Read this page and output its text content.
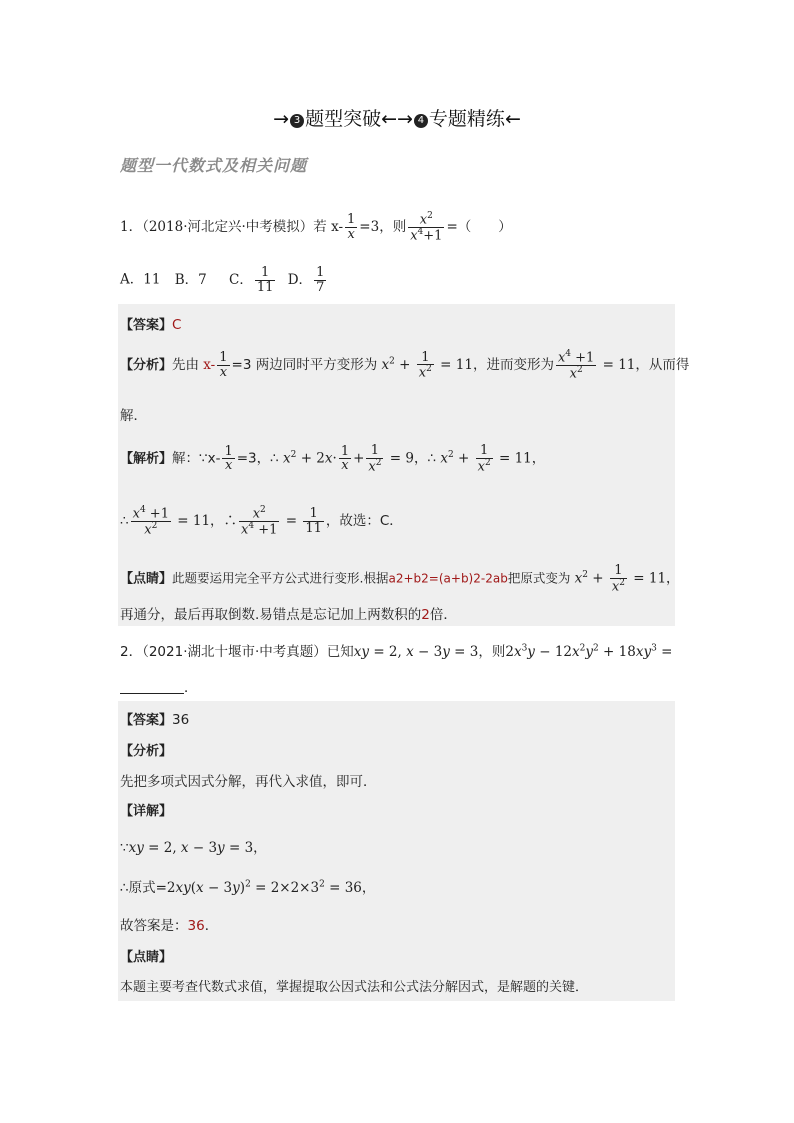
→ 3 题型突破←→ 4 专题精练←
题型一代数式及相关问题
1．（2018·河北定兴·中考模拟）若 $x- \frac{1}{x} =3$，则 $\frac{x^2}{x^4+1}$ =（　　）
A．11 B．7 C． $\frac{1}{11}$ D． $\frac{1}{7}$
【答案】C
【分析】先由 $x- \frac{1}{x} =3$ 两边同时平方变形为 $x^2 + \frac{1}{x^2} = 11$，进而变形为 $\frac{x^4 +1}{x^2} = 11$，从而得
解．
【解析】解：∵x- $\frac{1}{x} =3$，∴ $x^2 + 2x\cdot \frac{1}{x} + \frac{1}{x^2} = 9$，∴ $x^2 + \frac{1}{x^2} = 11$，
∴ $\frac{x^4 +1}{x^2} = 11$，∴ $\frac{x^2}{x^4 +1} = \frac{1}{11}$ ，故选：C．
【点睛】此题要运用完全平方公式进行变形.根据a2+b2=(a+b)2-2ab把原式变为 $x^2 + \frac{1}{x^2} = 11$，
再通分，最后再取倒数.易错点是忘记加上两数积的2倍．
2．（2021·湖北十堰市·中考真题）已知xy = 2, x − 3y = 3，则$2x^3y - 12x^2y^2 + 18xy^3$ =
．
【答案】36
【分析】
先把多项式因式分解，再代入求值，即可．
【详解】
∵xy = 2, x − 3y = 3，
∴原式$=2xy(x - 3y)^2 = 2\times 2\times 3^2 = 36$，
故答案是：36．
【点睛】
本题主要考查代数式求值，掌握提取公因式法和公式法分解因式，是解题的关键．
